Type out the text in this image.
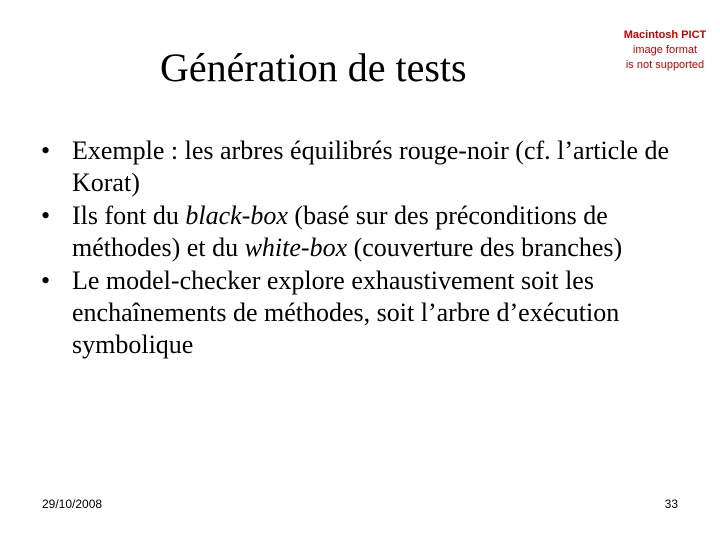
Génération de tests
Macintosh PICT
image format
is not supported
• Exemple : les arbres équilibrés rouge-noir (cf. l’article de Korat)
• Ils font du black-box (basé sur des préconditions de méthodes) et du white-box (couverture des branches)
• Le model-checker explore exhaustivement soit les enchaînements de méthodes, soit l’arbre d’exécution symbolique
29/10/2008	33
